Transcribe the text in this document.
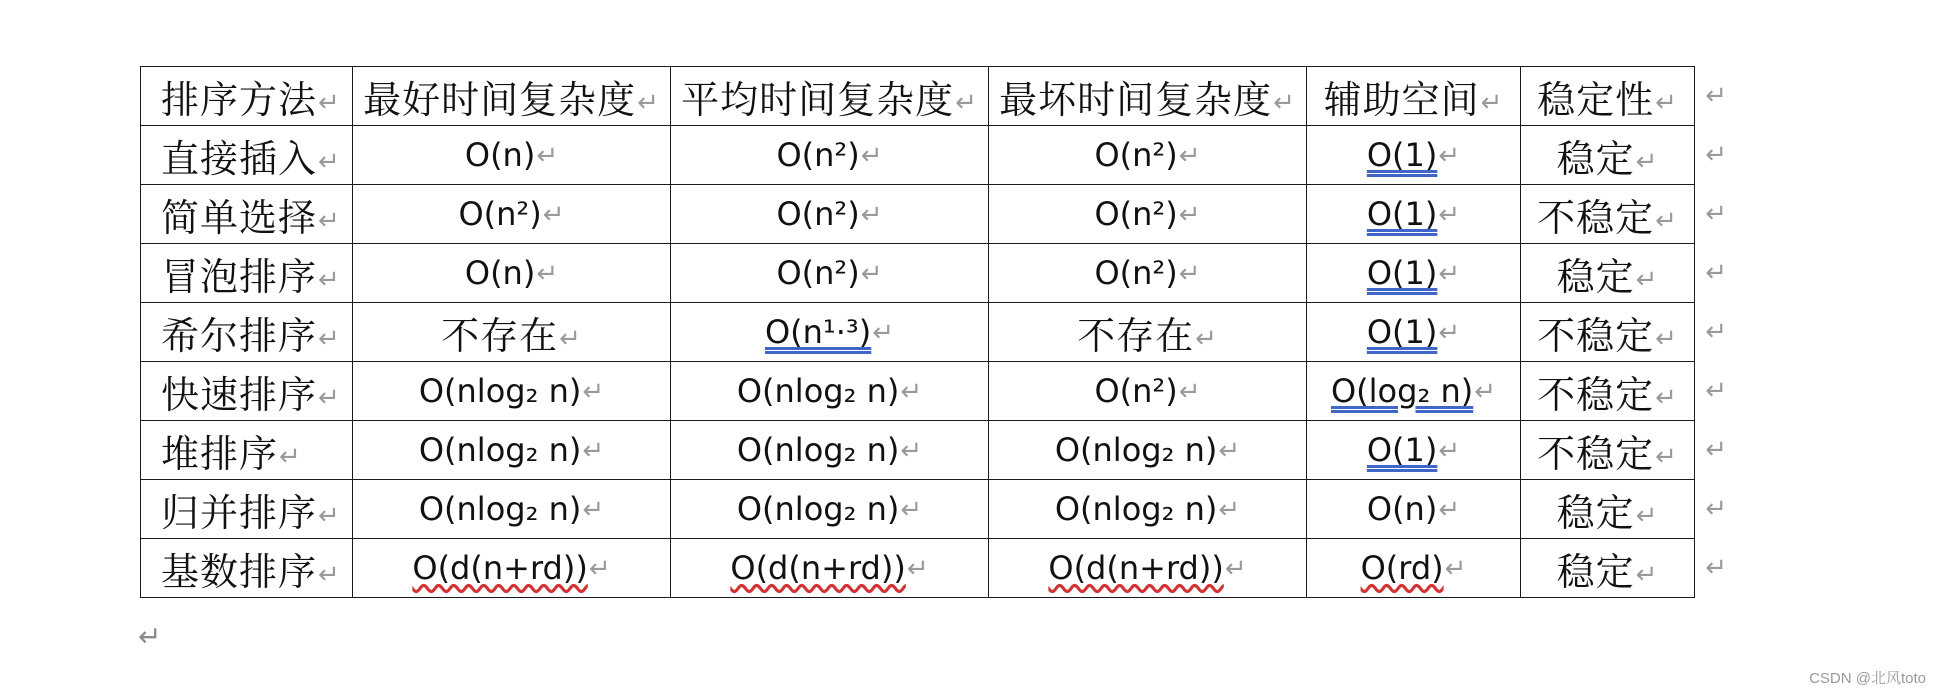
排序方法↵	最好时间复杂度↵	平均时间复杂度↵	最坏时间复杂度↵	辅助空间↵	稳定性↵ ↵

直接插入↵	O(n)↵	O(n²)↵	O(n²)↵	O(1)↵	稳定↵ ↵

简单选择↵	O(n²)↵	O(n²)↵	O(n²)↵	O(1)↵	不稳定↵ ↵

冒泡排序↵	O(n)↵	O(n²)↵	O(n²)↵	O(1)↵	稳定↵ ↵

希尔排序↵	不存在↵	O(n¹·³)↵	不存在↵	O(1)↵	不稳定↵ ↵

快速排序↵	O(nlog₂ n)↵	O(nlog₂ n)↵	O(n²)↵	O(log₂ n)↵	不稳定↵ ↵

堆排序↵	O(nlog₂ n)↵	O(nlog₂ n)↵	O(nlog₂ n)↵	O(1)↵	不稳定↵ ↵

归并排序↵	O(nlog₂ n)↵	O(nlog₂ n)↵	O(nlog₂ n)↵	O(n)↵	稳定↵ ↵

基数排序↵	O(d(n+rd))↵	O(d(n+rd))↵	O(d(n+rd))↵	O(rd)↵	稳定↵ ↵
↵
CSDN @北风toto
